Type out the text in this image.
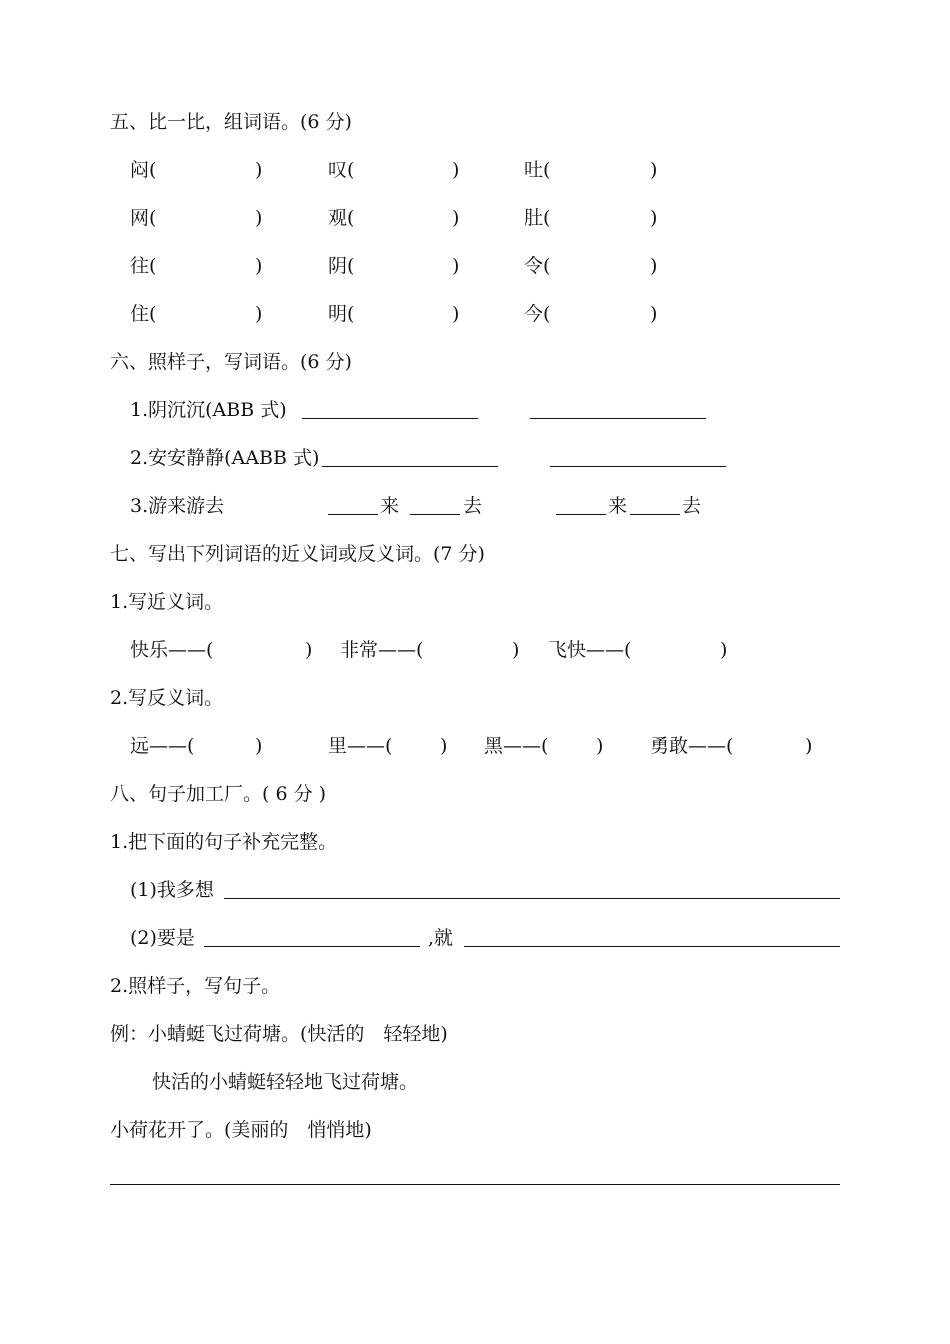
五、比一比，组词语。(6 分)
闷(	)	叹(	)	吐(	)
网(	)	观(	)	肚(	)
往(	)	阴(	)	令(	)
住(	)	明(	)	今(	)
六、照样子，写词语。(6 分)
1.阴沉沉(ABB 式)
2.安安静静(AABB 式)
3.游来游去	来	去	来	去
七、写出下列词语的近义词或反义词。(7 分)
1.写近义词。
快乐——(	) 非常——(	) 飞快——(	)
2.写反义词。
远——(	)	里——(	) 黑——(	) 勇敢——(	)
八、句子加工厂。( 6 分 )
1.把下面的句子补充完整。
(1)我多想
(2)要是	,就
2.照样子，写句子。
例：小蜻蜓飞过荷塘。(快活的　轻轻地)
快活的小蜻蜓轻轻地飞过荷塘。
小荷花开了。(美丽的　悄悄地)
